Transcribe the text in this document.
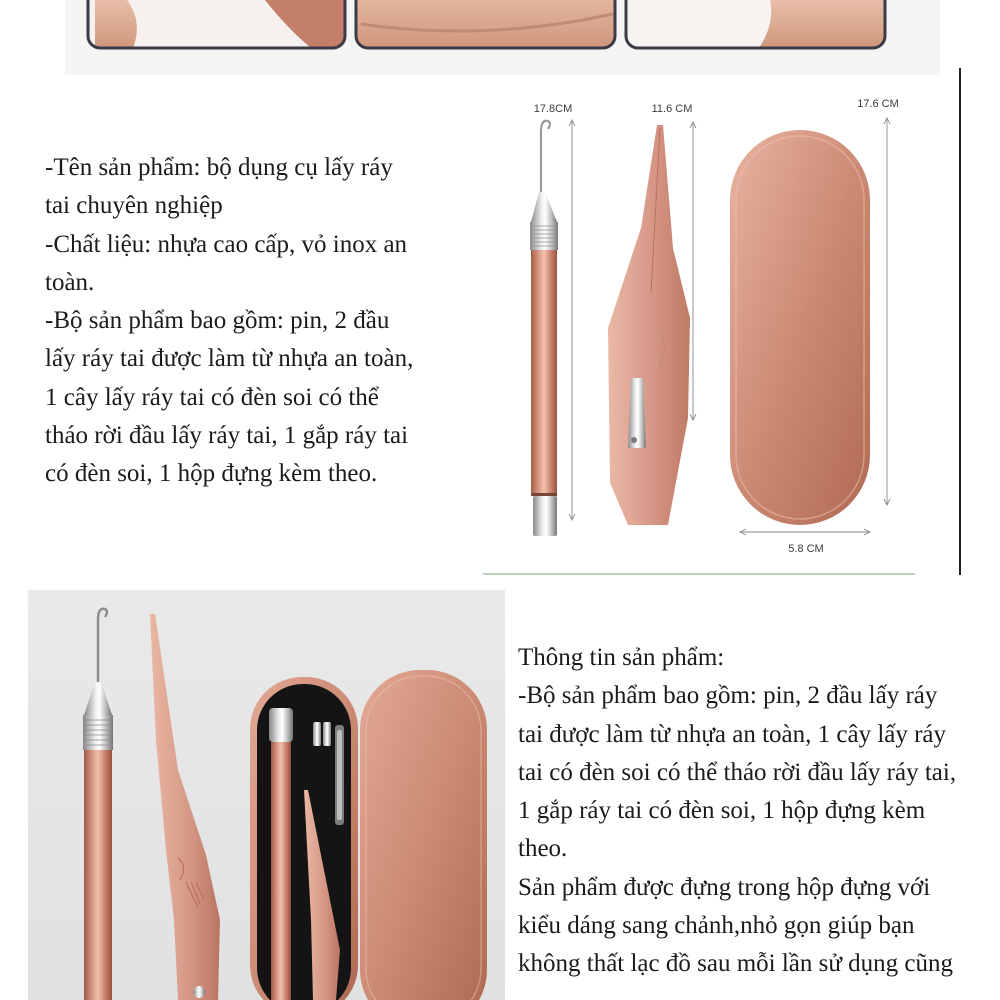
-Tên sản phẩm: bộ dụng cụ lấy ráy
tai chuyên nghiệp
-Chất liệu: nhựa cao cấp, vỏ inox an
toàn.
-Bộ sản phẩm bao gồm: pin, 2 đầu
lấy ráy tai được làm từ nhựa an toàn,
1 cây lấy ráy tai có đèn soi có thể
tháo rời đầu lấy ráy tai, 1 gắp ráy tai
có đèn soi, 1 hộp đựng kèm theo.
17.8CM	11.6 CM	17.6 CM
5.8 CM
Thông tin sản phẩm:
-Bộ sản phẩm bao gồm: pin, 2 đầu lấy ráy
tai được làm từ nhựa an toàn, 1 cây lấy ráy
tai có đèn soi có thể tháo rời đầu lấy ráy tai,
1 gắp ráy tai có đèn soi, 1 hộp đựng kèm
theo.
Sản phẩm được đựng trong hộp đựng với
kiểu dáng sang chảnh,nhỏ gọn giúp bạn
không thất lạc đồ sau mỗi lần sử dụng cũng
